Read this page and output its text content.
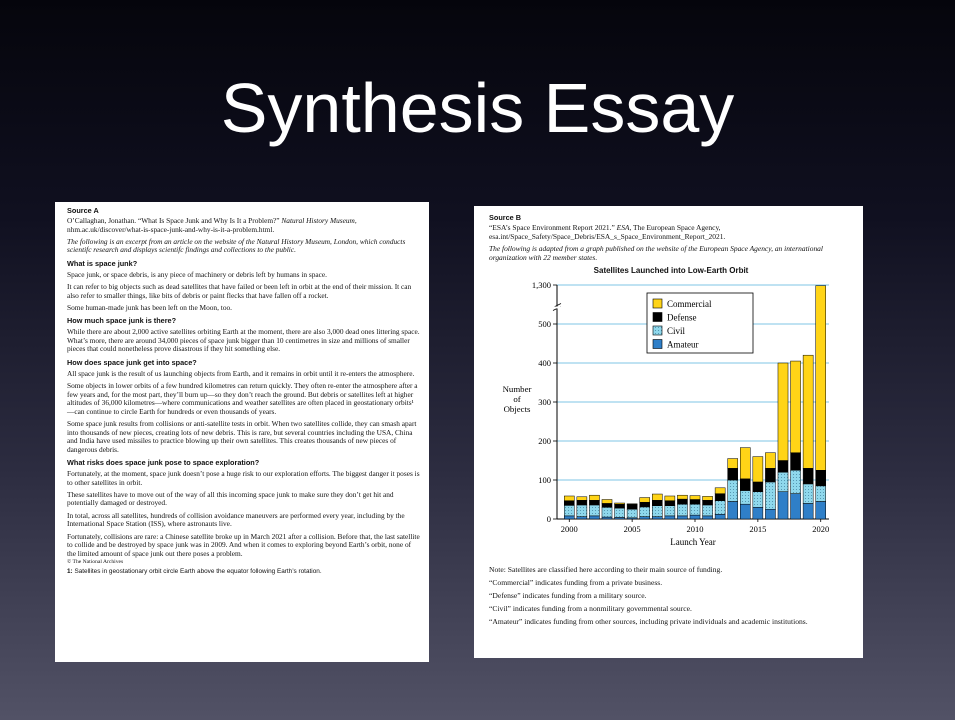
Synthesis Essay
Source A

O’Callaghan, Jonathan. “What Is Space Junk and Why Is It a Problem?” Natural History Museum, nhm.ac.uk/discover/what-is-space-junk-and-why-is-it-a-problem.html.

The following is an excerpt from an article on the website of the Natural History Museum, London, which conducts scientifc research and displays scientifc findings and collections to the public.

What is space junk?

Space junk, or space debris, is any piece of machinery or debris left by humans in space.

It can refer to big objects such as dead satellites that have failed or been left in orbit at the end of their mission. It can also refer to smaller things, like bits of debris or paint flecks that have fallen off a rocket.

Some human-made junk has been left on the Moon, too.

How much space junk is there?

While there are about 2,000 active satellites orbiting Earth at the moment, there are also 3,000 dead ones littering space. What’s more, there are around 34,000 pieces of space junk bigger than 10 centimetres in size and millions of smaller pieces that could nonetheless prove disastrous if they hit something else.

How does space junk get into space?

All space junk is the result of us launching objects from Earth, and it remains in orbit until it re-enters the atmosphere.

Some objects in lower orbits of a few hundred kilometres can return quickly. They often re-enter the atmosphere after a few years and, for the most part, they’ll burn up—so they don’t reach the ground. But debris or satellites left at higher altitudes of 36,000 kilometres—where communications and weather satellites are often placed in geostationary orbits¹—can continue to circle Earth for hundreds or even thousands of years.

Some space junk results from collisions or anti-satellite tests in orbit. When two satellites collide, they can smash apart into thousands of new pieces, creating lots of new debris. This is rare, but several countries including the USA, China and India have used missiles to practice blowing up their own satellites. This creates thousands of new pieces of dangerous debris.

What risks does space junk pose to space exploration?

Fortunately, at the moment, space junk doesn’t pose a huge risk to our exploration efforts. The biggest danger it poses is to other satellites in orbit.

These satellites have to move out of the way of all this incoming space junk to make sure they don’t get hit and potentially damaged or destroyed.

In total, across all satellites, hundreds of collision avoidance maneuvers are performed every year, including by the International Space Station (ISS), where astronauts live.

Fortunately, collisions are rare: a Chinese satellite broke up in March 2021 after a collision. Before that, the last satellite to collide and be destroyed by space junk was in 2009. And when it comes to exploring beyond Earth’s orbit, none of the limited amount of space junk out there poses a problem.

© The National Archives
1: Satellites in geostationary orbit circle Earth above the equator following Earth’s rotation.
Source B

“ESA’s Space Environment Report 2021.” ESA, The European Space Agency, esa.int/Space_Safety/Space_Debris/ESA_s_Space_Environment_Report_2021.

The following is adapted from a graph published on the website of the European Space Agency, an international organization with 22 member states.

Satellites Launched into Low-Earth Orbit
0
100
200
300
400
500
1,300
2000	2005	2010	2015	2020
Launch Year
Number
of
Objects
Commercial
Defense
Civil
Amateur

Note: Satellites are classified here according to their main source of funding.

“Commercial” indicates funding from a private business.

“Defense” indicates funding from a military source.

“Civil” indicates funding from a nonmilitary governmental source.

“Amateur” indicates funding from other sources, including private individuals and academic institutions.
